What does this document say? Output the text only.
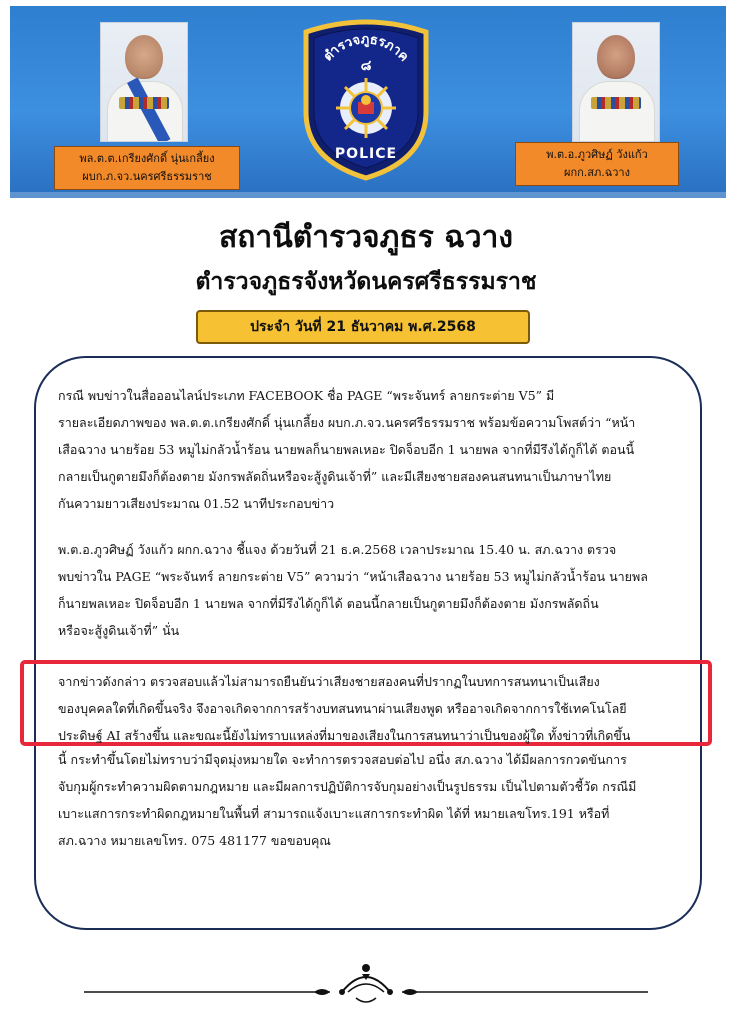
พล.ต.ต.เกรียงศักดิ์ นุ่นเกลี้ยง
ผบก.ภ.จว.นครศรีธรรมราช
ตำรวจภูธรภาค
๘
POLICE	พ.ต.อ.ภูวศิษฏ์ วังแก้ว
ผกก.สภ.ฉวาง
สถานีตำรวจภูธร ฉวาง
ตำรวจภูธรจังหวัดนครศรีธรรมราช
ประจำ วันที่ 21 ธันวาคม พ.ศ.2568
กรณี พบข่าวในสื่อออนไลน์ประเภท FACEBOOK ชื่อ PAGE “พระจันทร์ ลายกระต่าย V5” มี
รายละเอียดภาพของ พล.ต.ต.เกรียงศักดิ์ นุ่นเกลี้ยง ผบก.ภ.จว.นครศรีธรรมราช พร้อมข้อความโพสต์ว่า “หน้า
เสือฉวาง นายร้อย 53 หมูไม่กลัวน้ำร้อน นายพลก็นายพลเหอะ ปิดจ็อบอีก 1 นายพล จากที่มีรึงได้กูก็ได้ ตอนนี้
กลายเป็นกูตายมึงก็ต้องตาย มังกรพลัดถิ่นหรือจะสู้งูดินเจ้าที่” และมีเสียงชายสองคนสนทนาเป็นภาษาไทย
กันความยาวเสียงประมาณ 01.52 นาทีประกอบข่าว
พ.ต.อ.ภูวศิษฏ์ วังแก้ว ผกก.ฉวาง ชี้แจง ด้วยวันที่ 21 ธ.ค.2568 เวลาประมาณ 15.40 น. สภ.ฉวาง ตรวจ
พบข่าวใน PAGE “พระจันทร์ ลายกระต่าย V5” ความว่า “หน้าเสือฉวาง นายร้อย 53 หมูไม่กลัวน้ำร้อน นายพล
ก็นายพลเหอะ ปิดจ็อบอีก 1 นายพล จากที่มีรึงได้กูก็ได้ ตอนนี้กลายเป็นกูตายมึงก็ต้องตาย มังกรพลัดถิ่น
หรือจะสู้งูดินเจ้าที่” นั่น
จากข่าวดังกล่าว ตรวจสอบแล้วไม่สามารถยืนยันว่าเสียงชายสองคนที่ปรากฏในบทการสนทนาเป็นเสียง
ของบุคคลใดที่เกิดขึ้นจริง จึงอาจเกิดจากการสร้างบทสนทนาผ่านเสียงพูด หรืออาจเกิดจากการใช้เทคโนโลยี
ประดิษฐ์ AI สร้างขึ้น และขณะนี้ยังไม่ทราบแหล่งที่มาของเสียงในการสนทนาว่าเป็นของผู้ใด ทั้งข่าวที่เกิดขึ้น
นี้ กระทำขึ้นโดยไม่ทราบว่ามีจุดมุ่งหมายใด จะทำการตรวจสอบต่อไป อนึ่ง สภ.ฉวาง ได้มีผลการกวดขันการ
จับกุมผู้กระทำความผิดตามกฎหมาย และมีผลการปฏิบัติการจับกุมอย่างเป็นรูปธรรม เป็นไปตามตัวชี้วัด กรณีมี
เบาะแสการกระทำผิดกฎหมายในพื้นที่ สามารถแจ้งเบาะแสการกระทำผิด ได้ที่ หมายเลขโทร.191 หรือที่
สภ.ฉวาง หมายเลขโทร. 075 481177 ขอขอบคุณ
